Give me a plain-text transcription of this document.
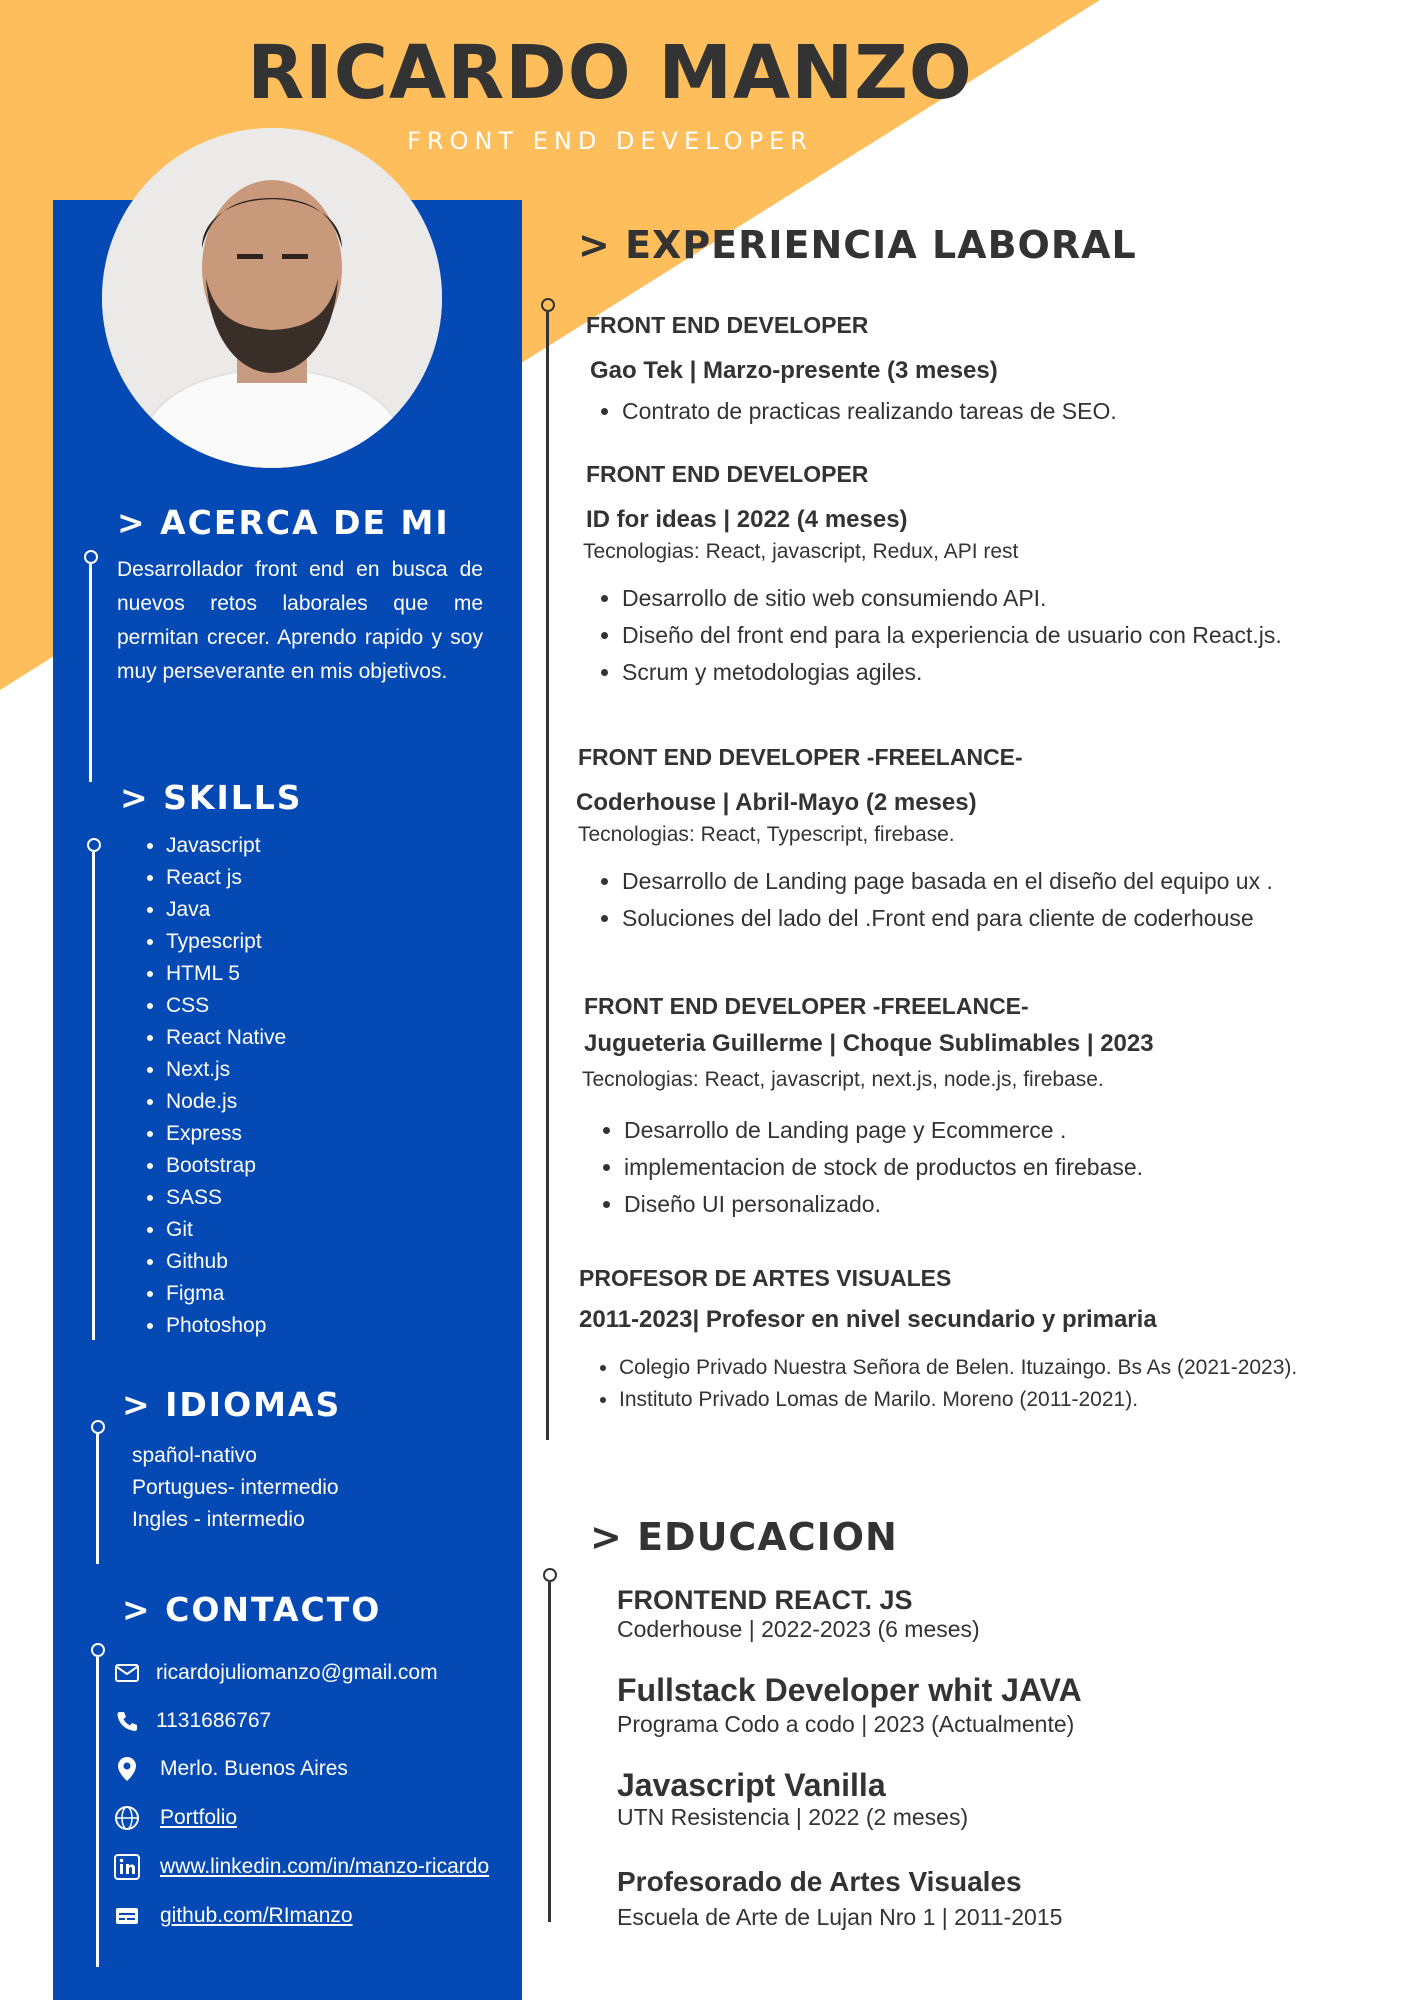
RICARDO MANZO
FRONT END DEVELOPER
> ACERCA DE MI

Desarrollador front end en busca de nuevos retos laborales que me permitan crecer. Aprendo rapido y soy muy perseverante en mis objetivos.

> SKILLS
• Javascript
• React js
• Java
• Typescript
• HTML 5
• CSS
• React Native
• Next.js
• Node.js
• Express
• Bootstrap
• SASS
• Git
• Github
• Figma
• Photoshop
> IDIOMAS
spañol-nativo
Portugues- intermedio
Ingles - intermedio
> CONTACTO
ricardojuliomanzo@gmail.com
1131686767
Merlo. Buenos Aires
Portfolio
www.linkedin.com/in/manzo-ricardo
github.com/RImanzo
> EXPERIENCIA LABORAL
FRONT END DEVELOPER
Gao Tek | Marzo-presente (3 meses)
• Contrato de practicas realizando tareas de SEO.
FRONT END DEVELOPER
ID for ideas | 2022 (4 meses)
Tecnologias: React, javascript, Redux, API rest
• Desarrollo de sitio web consumiendo API.
• Diseño del front end para la experiencia de usuario con React.js.
• Scrum y metodologias agiles.
FRONT END DEVELOPER -FREELANCE-
Coderhouse | Abril-Mayo (2 meses)
Tecnologias: React, Typescript, firebase.
• Desarrollo de Landing page basada en el diseño del equipo ux .
• Soluciones del lado del .Front end para cliente de coderhouse
FRONT END DEVELOPER -FREELANCE-
Jugueteria Guillerme | Choque Sublimables | 2023
Tecnologias: React, javascript, next.js, node.js, firebase.
• Desarrollo de Landing page y Ecommerce .
• implementacion de stock de productos en firebase.
• Diseño UI personalizado.
PROFESOR DE ARTES VISUALES
2011-2023| Profesor en nivel secundario y primaria
• Colegio Privado Nuestra Señora de Belen. Ituzaingo. Bs As (2021-2023).
• Instituto Privado Lomas de Marilo. Moreno (2011-2021).
> EDUCACION
FRONTEND REACT. JS
Coderhouse | 2022-2023 (6 meses)
Fullstack Developer whit JAVA
Programa Codo a codo | 2023 (Actualmente)
Javascript Vanilla
UTN Resistencia | 2022 (2 meses)
Profesorado de Artes Visuales
Escuela de Arte de Lujan Nro 1 | 2011-2015
